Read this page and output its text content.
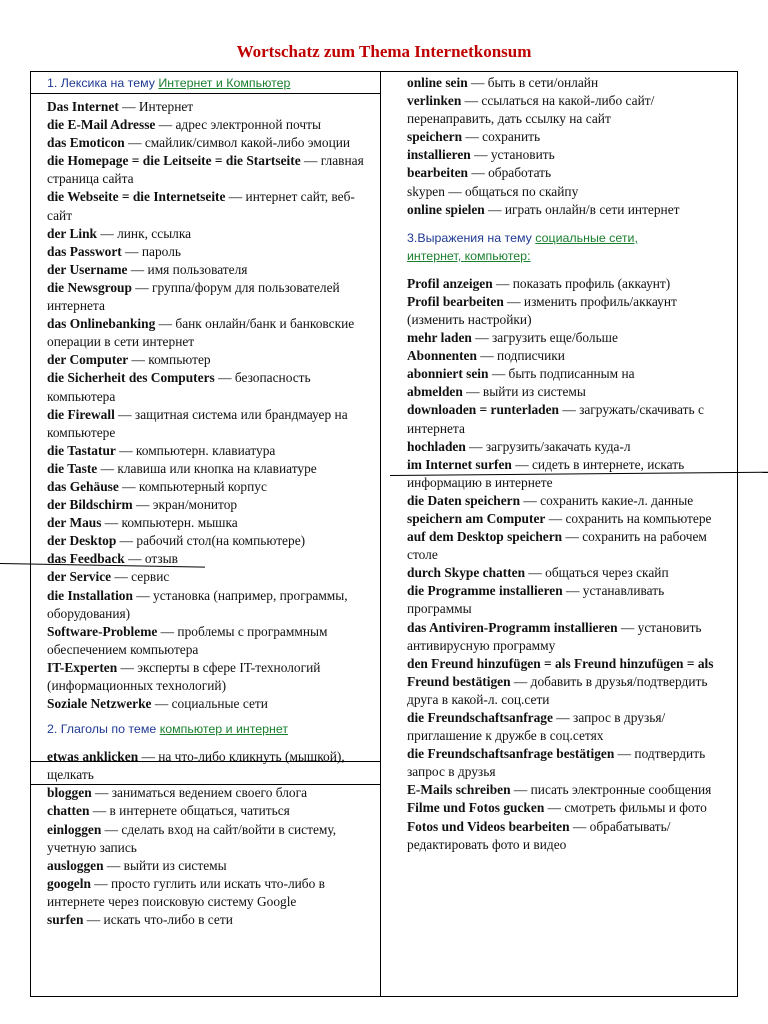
Wortschatz zum Thema Internetkonsum
1. Лексика на тему Интернет и Компьютер

Das Internet — Интернет

die E-Mail Adresse — адрес электронной почты

das Emoticon — смайлик/символ какой-либо эмоции

die Homepage = die Leitseite = die Startseite — главная страница сайта

die Webseite = die Internetseite — интернет сайт, веб-сайт

der Link — линк, ссылка

das Passwort — пароль

der Username — имя пользователя

die Newsgroup — группа/форум для пользователей интернета

das Onlinebanking — банк онлайн/банк и банковские операции в сети интернет

der Computer — компьютер

die Sicherheit des Computers — безопасность компьютера

die Firewall — защитная система или брандмауер на компьютере

die Tastatur — компьютерн. клавиатура

die Taste — клавиша или кнопка на клавиатуре

das Gehäuse — компьютерный корпус

der Bildschirm — экран/монитор

der Maus — компьютерн. мышка

der Desktop — рабочий стол(на компьютере)

das Feedback — отзыв

der Service — сервис

die Installation — установка (например, программы, оборудования)

Software-Probleme — проблемы с программным обеспечением компьютера

IT-Experten — эксперты в сфере IT-технологий (информационных технологий)

Soziale Netzwerke — социальные сети

2. Глаголы по теме компьютер и интернет

etwas anklicken — на что-либо кликнуть (мышкой), щелкать

bloggen — заниматься ведением своего блога

chatten — в интернете общаться, чатиться

einloggen — сделать вход на сайт/войти в систему, учетную запись

ausloggen — выйти из системы

googeln — просто гуглить или искать что-либо в интернете через поисковую систему Google

surfen — искать что-либо в сети

online sein — быть в сети/онлайн

verlinken — ссылаться на какой-либо сайт/перенаправить, дать ссылку на сайт

speichern — сохранить

installieren — установить

bearbeiten — обработать

skypen — общаться по скайпу

online spielen — играть онлайн/в сети интернет

3.Выражения на тему социальные сети,
интернет, компьютер:

Profil anzeigen — показать профиль (аккаунт)

Profil bearbeiten — изменить профиль/аккаунт (изменить настройки)

mehr laden — загрузить еще/больше

Abonnenten — подписчики

abonniert sein — быть подписанным на

abmelden — выйти из системы

downloaden = runterladen — загружать/скачивать с интернета

hochladen — загрузить/закачать куда-л

im Internet surfen — сидеть в интернете, искать информацию в интернете

die Daten speichern — сохранить какие-л. данные

speichern am Computer — сохранить на компьютере

auf dem Desktop speichern — сохранить на рабочем столе

durch Skype chatten — общаться через скайп

die Programme installieren — устанавливать программы

das Antiviren-Programm installieren — установить антивирусную программу

den Freund hinzufügen = als Freund hinzufügen = als Freund bestätigen — добавить в друзья/подтвердить друга в какой-л. соц.сети

die Freundschaftsanfrage — запрос в друзья/приглашение к дружбе в соц.сетях

die Freundschaftsanfrage bestätigen — подтвердить запрос в друзья

E-Mails schreiben — писать электронные сообщения

Filme und Fotos gucken — смотреть фильмы и фото

Fotos und Videos bearbeiten — обрабатывать/редактировать фото и видео
